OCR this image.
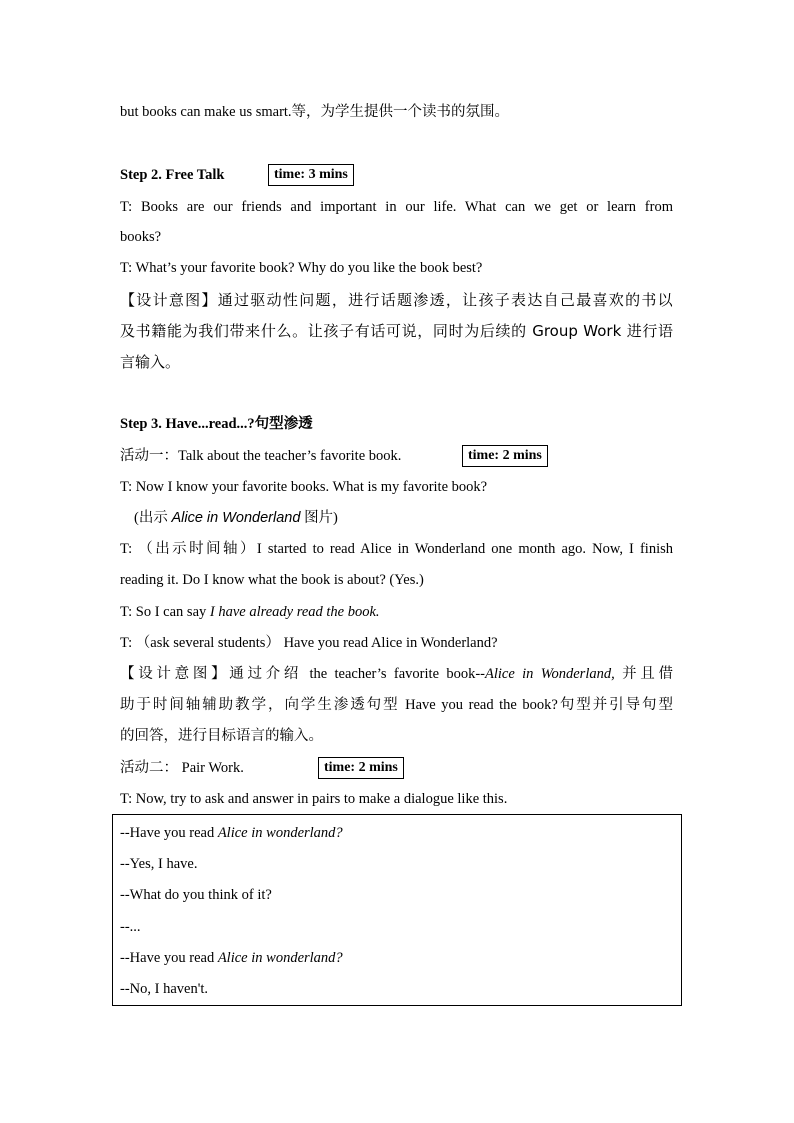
but books can make us smart.等，为学生提供一个读书的氛围。
Step 2. Free Talk	time: 3 mins
T: Books are our friends and important in our life. What can we get or learn from
books?
T: What’s your favorite book? Why do you like the book best?
【设计意图】通过驱动性问题，进行话题渗透，让孩子表达自己最喜欢的书以
及书籍能为我们带来什么。让孩子有话可说，同时为后续的 Group Work 进行语
言输入。
Step 3. Have...read...?句型渗透
活动一：Talk about the teacher’s favorite book.	time: 2 mins
T: Now I know your favorite books. What is my favorite book?
(出示 Alice in Wonderland 图片)
T: （出示时间轴）I started to read Alice in Wonderland one month ago. Now, I finish
reading it. Do I know what the book is about? (Yes.)
T: So I can say I have already read the book.
T: （ask several students） Have you read Alice in Wonderland?
【设计意图】通过介绍 the teacher’s favorite book--Alice in Wonderland, 并且借
助于时间轴辅助教学，向学生渗透句型 Have you read the book?句型并引导句型
的回答，进行目标语言的输入。
活动二： Pair Work.	time: 2 mins
T: Now, try to ask and answer in pairs to make a dialogue like this.
--Have you read Alice in wonderland?
--Yes, I have.
--What do you think of it?
--...
--Have you read Alice in wonderland?
--No, I haven't.
